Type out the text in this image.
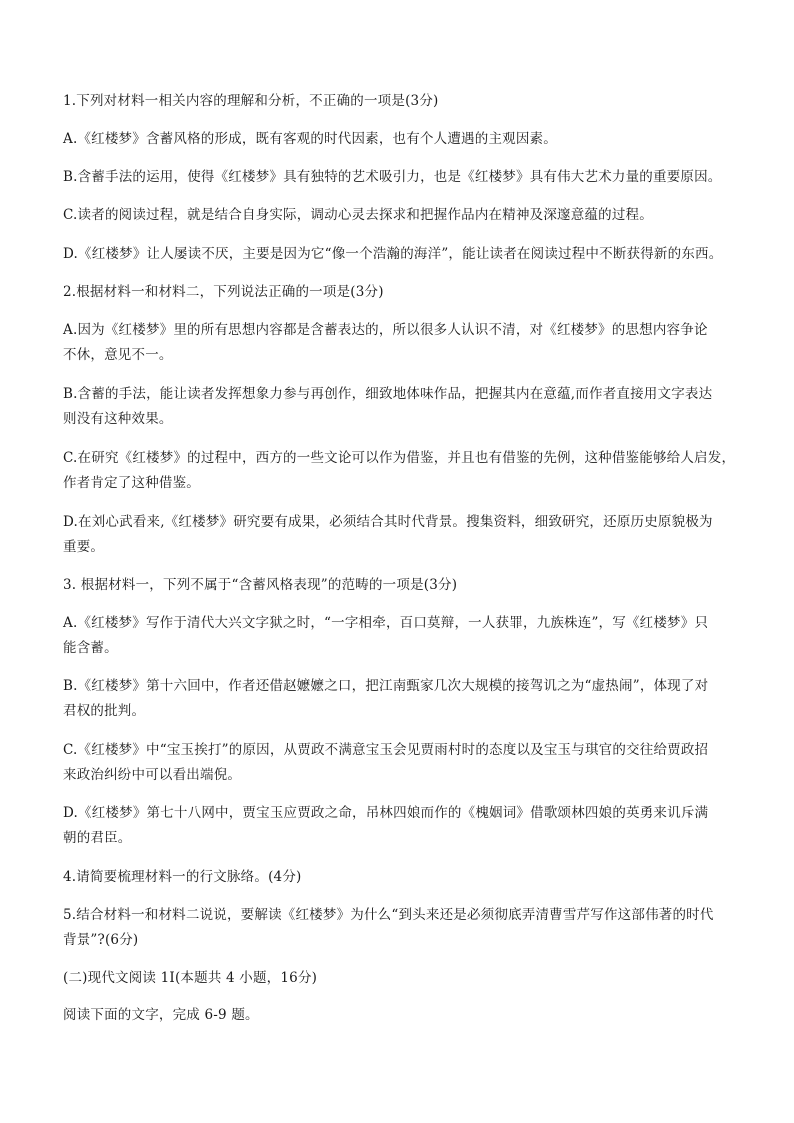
1.下列对材料一相关内容的理解和分析，不正确的一项是(3分)
A.《红楼梦》含蓄风格的形成，既有客观的时代因素，也有个人遭遇的主观因素。
B.含蓄手法的运用，使得《红楼梦》具有独特的艺术吸引力，也是《红楼梦》具有伟大艺术力量的重要原因。
C.读者的阅读过程，就是结合自身实际，调动心灵去探求和把握作品内在精神及深邃意蕴的过程。
D.《红楼梦》让人屡读不厌，主要是因为它“像一个浩瀚的海洋”，能让读者在阅读过程中不断获得新的东西。
2.根据材料一和材料二，下列说法正确的一项是(3分)
A.因为《红楼梦》里的所有思想内容都是含蓄表达的，所以很多人认识不清，对《红楼梦》的思想内容争论
不休，意见不一。
B.含蓄的手法，能让读者发挥想象力参与再创作，细致地体味作品，把握其内在意蕴,而作者直接用文字表达
则没有这种效果。
C.在研究《红楼梦》的过程中，西方的一些文论可以作为借鉴，并且也有借鉴的先例，这种借鉴能够给人启发，
作者肯定了这种借鉴。
D.在刘心武看来,《红楼梦》研究要有成果，必须结合其时代背景。搜集资料，细致研究，还原历史原貌极为
重要。
3. 根据材料一，下列不属于“含蓄风格表现”的范畴的一项是(3分)
A.《红楼梦》写作于清代大兴文字狱之时，“一字相牵，百口莫辩，一人获罪，九族株连”，写《红楼梦》只
能含蓄。
B.《红楼梦》第十六回中，作者还借赵嬷嬷之口，把江南甄家几次大规模的接驾讥之为“虚热闹”，体现了对
君权的批判。
C.《红楼梦》中“宝玉挨打”的原因，从贾政不满意宝玉会见贾雨村时的态度以及宝玉与琪官的交往给贾政招
来政治纠纷中可以看出端倪。
D.《红楼梦》第七十八网中，贾宝玉应贾政之命，吊林四娘而作的《槐姻词》借歌颂林四娘的英勇来讥斥满
朝的君臣。
4.请简要梳理材料一的行文脉络。(4分)
5.结合材料一和材料二说说，要解读《红楼梦》为什么“到头来还是必须彻底弄清曹雪芹写作这部伟著的时代
背景”?(6分)
(二)现代文阅读 1I(本题共 4 小题，16分)
阅读下面的文字，完成 6-9 题。
